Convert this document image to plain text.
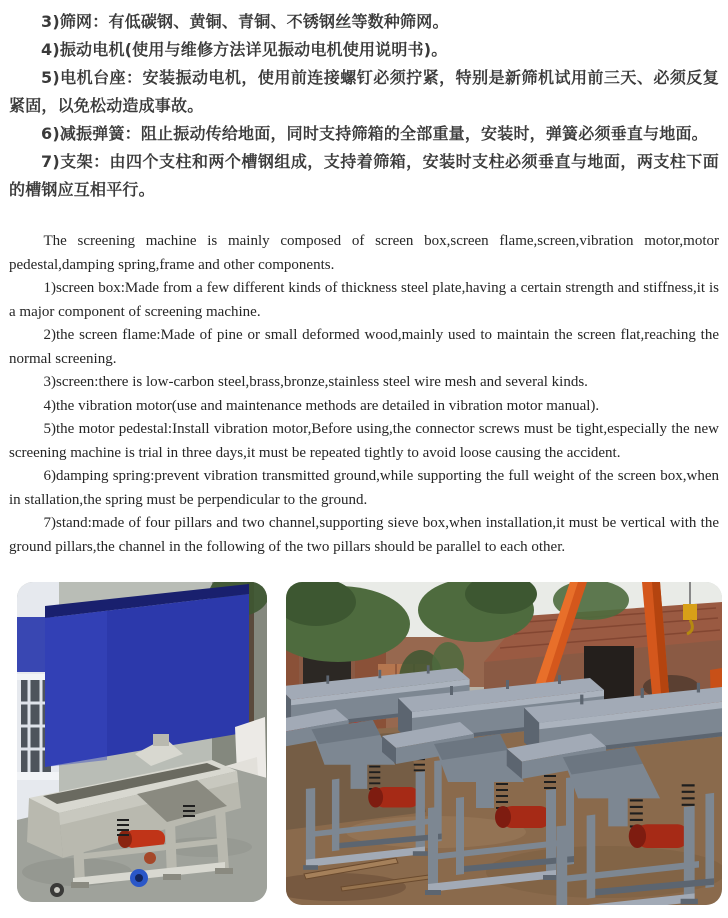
3)筛网：有低碳钢、黄铜、青铜、不锈钢丝等数种筛网。

4)振动电机(使用与维修方法详见振动电机使用说明书)。

5)电机台座：安装振动电机，使用前连接螺钉必须拧紧，特别是新筛机试用前三天、必须反复紧固，以免松动造成事故。

6)减振弹簧：阻止振动传给地面，同时支持筛箱的全部重量，安装时，弹簧必须垂直与地面。

7)支架：由四个支柱和两个槽钢组成，支持着筛箱，安装时支柱必须垂直与地面，两支柱下面的槽钢应互相平行。

The screening machine is mainly composed of screen box,screen flame,screen,vibration motor,motor pedestal,damping spring,frame and other components.

1)screen box:Made from a few different kinds of thickness steel plate,having a certain strength and stiffness,it is a major component of screening machine.

2)the screen flame:Made of pine or small deformed wood,mainly used to maintain the screen flat,reaching the normal screening.

3)screen:there is low-carbon steel,brass,bronze,stainless steel wire mesh and several kinds.

4)the vibration motor(use and maintenance methods are detailed in vibration motor manual).

5)the motor pedestal:Install vibration motor,Before using,the connector screws must be tight,especially the new screening machine is trial in three days,it must be repeated tightly to avoid loose causing the accident.

6)damping spring:prevent vibration transmitted ground,while supporting the full weight of the screen box,when in stallation,the spring must be perpendicular to the ground.

7)stand:made of four pillars and two channel,supporting sieve box,when installation,it must be vertical with the ground pillars,the channel in the following of the two pillars should be parallel to each other.
